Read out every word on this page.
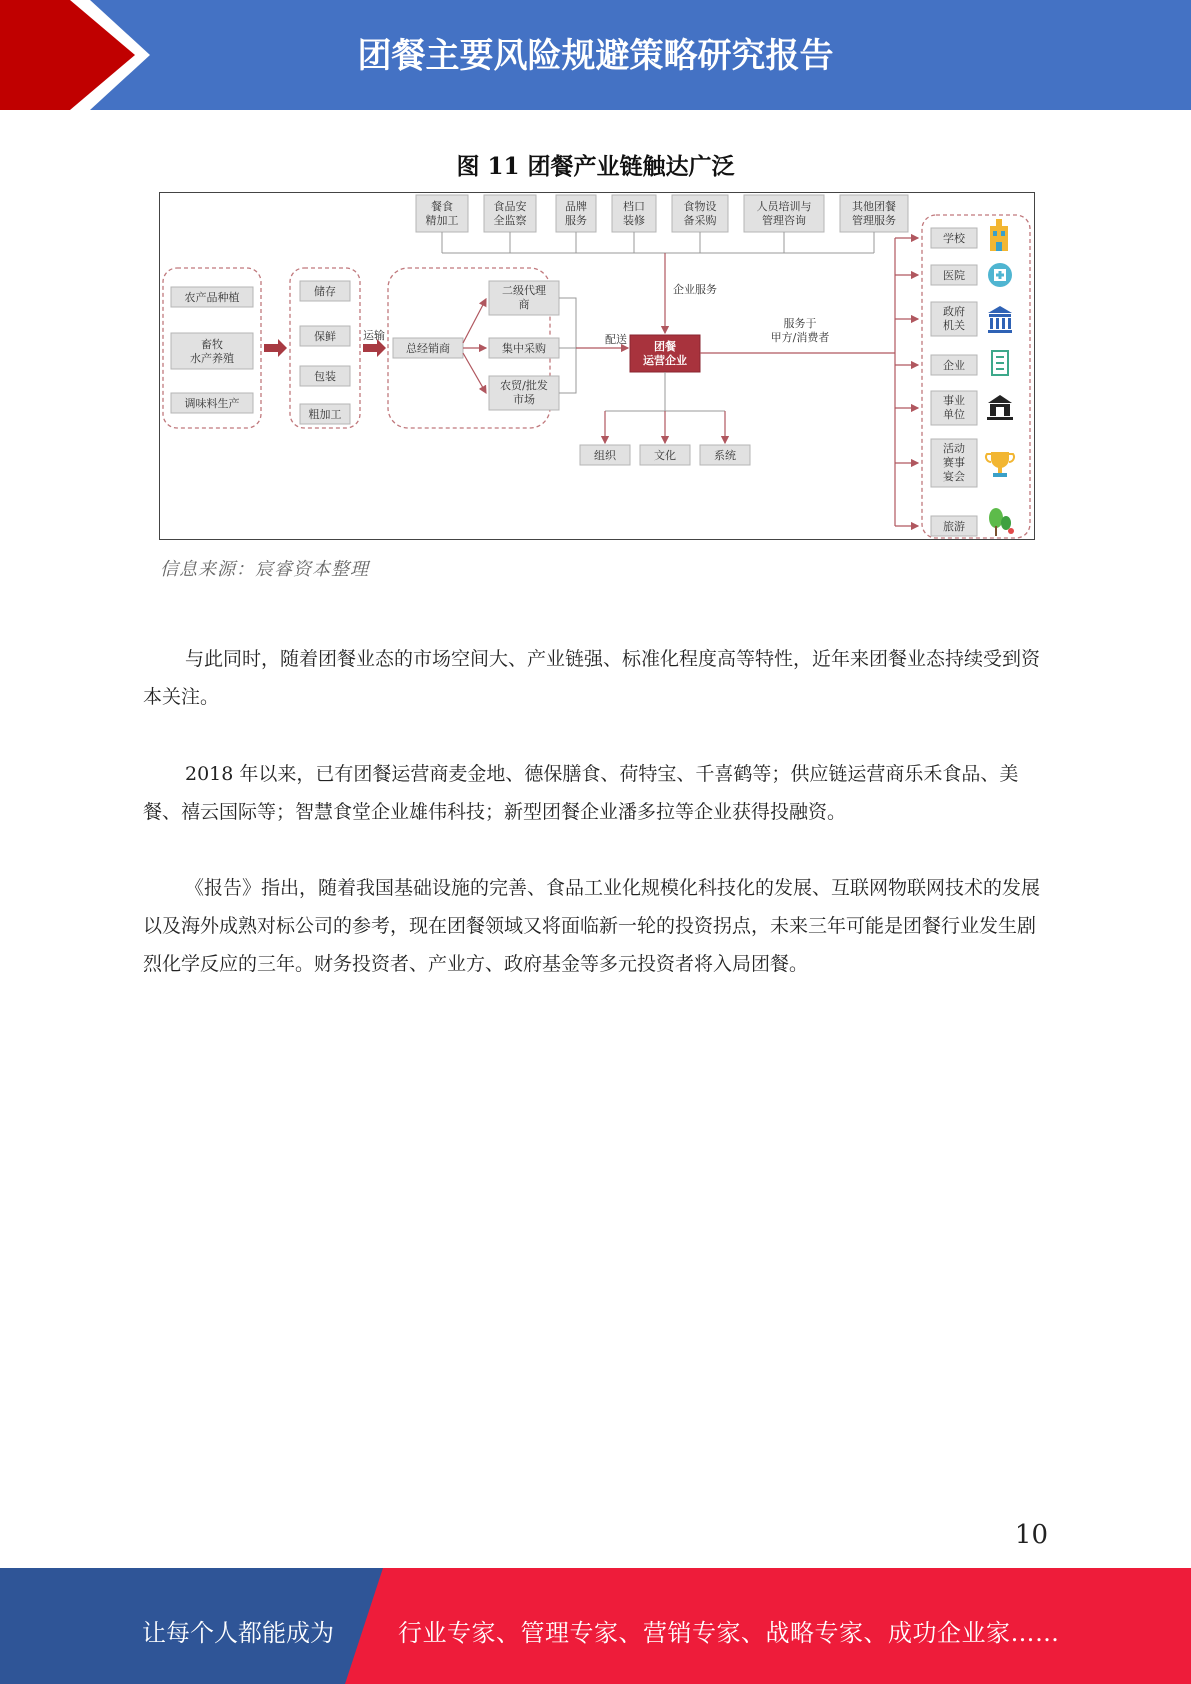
团餐主要风险规避策略研究报告
图 11 团餐产业链触达广泛
餐食
精加工
食品安
全监察
品牌
服务
档口
装修
食物设
备采购
人员培训与
管理咨询
其他团餐
管理服务
企业服务
农产品种植
畜牧
水产养殖
调味料生产
储存
保鲜
包装
粗加工
运输
总经销商
二级代理
商
集中采购
农贸/批发
市场
配送
团餐
运营企业
组织	文化	系统
服务于
甲方/消费者
学校
医院
政府
机关
企业
事业
单位
活动
赛事
宴会
旅游
信息来源：宸睿资本整理

与此同时，随着团餐业态的市场空间大、产业链强、标准化程度高等特性，近年来团餐业态持续受到资本关注。

2018 年以来，已有团餐运营商麦金地、德保膳食、荷特宝、千喜鹤等；供应链运营商乐禾食品、美餐、禧云国际等；智慧食堂企业雄伟科技；新型团餐企业潘多拉等企业获得投融资。

《报告》指出，随着我国基础设施的完善、食品工业化规模化科技化的发展、互联网物联网技术的发展以及海外成熟对标公司的参考，现在团餐领域又将面临新一轮的投资拐点，未来三年可能是团餐行业发生剧烈化学反应的三年。财务投资者、产业方、政府基金等多元投资者将入局团餐。

10
让每个人都能成为	行业专家、管理专家、营销专家、战略专家、成功企业家……
